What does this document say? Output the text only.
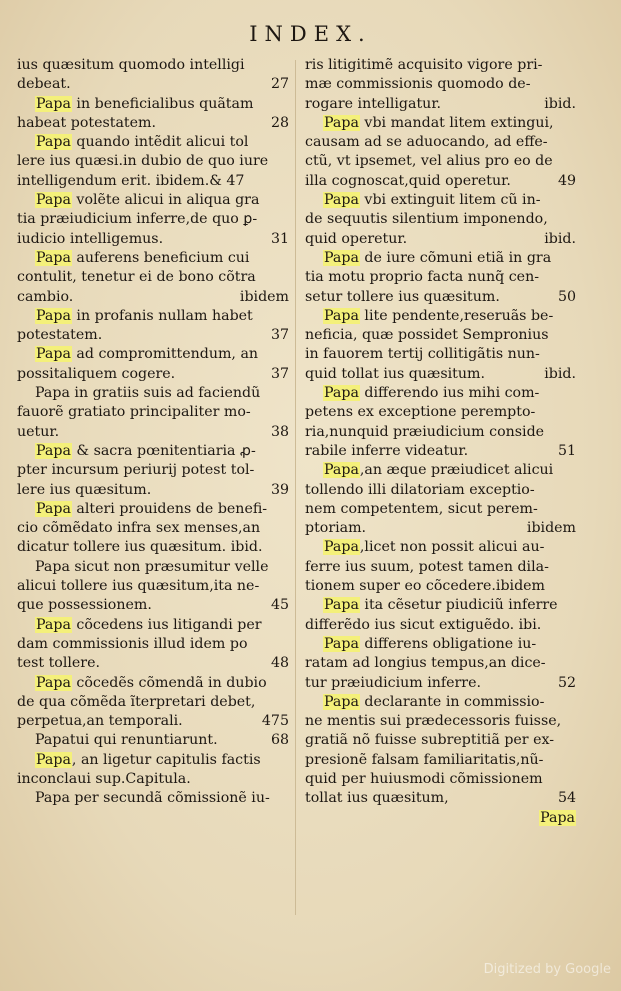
INDEX.
ius quæsitum quomodo intelligi
27
debeat.
Papa in beneficialibus quãtam
28
habeat potestatem.
Papa quando intẽdit alicui tol
lere ius quæsi.in dubio de quo iure
intelligendum erit. ibidem.& 47
Papa volẽte alicui in aliqua gra
tia præiudicium inferre,de quo ꝑ-
31
iudicio intelligemus.
Papa auferens beneficium cui
contulit, tenetur ei de bono cõtra
ibidem
cambio.
Papa in profanis nullam habet
37
potestatem.
Papa ad compromittendum, an
37
possitaliquem cogere.
Papa in gratiis suis ad faciendũ
fauorẽ gratiato principaliter mo-
38
uetur.
Papa & sacra pœnitentiaria ꝓ-
pter incursum periurij potest tol-
39
lere ius quæsitum.
Papa alteri prouidens de benefi-
cio cõmẽdato infra sex menses,an
dicatur tollere ius quæsitum. ibid.
Papa sicut non præsumitur velle
alicui tollere ius quæsitum,ita ne-
45
que possessionem.
Papa cõcedens ius litigandi per
dam commissionis illud idem po
48
test tollere.
Papa cõcedẽs cõmendã in dubio
de qua cõmẽda ĩterpretari debet,
475
perpetua,an temporali.
68
Papatui qui renuntiarunt.
Papa, an ligetur capitulis factis
inconclaui sup.Capitula.
Papa per secundã cõmissionẽ iu-
ris litigitimẽ acquisito vigore pri-
mæ commissionis quomodo de-
ibid.
rogare intelligatur.
Papa vbi mandat litem extingui,
causam ad se aduocando, ad effe-
ctũ, vt ipsemet, vel alius pro eo de
49
illa cognoscat,quid operetur.
Papa vbi extinguit litem cũ in-
de sequutis silentium imponendo,
ibid.
quid operetur.
Papa de iure cõmuni etiã in gra
tia motu proprio facta nunq̃ cen-
50
setur tollere ius quæsitum.
Papa lite pendente,reseruãs be-
neficia, quæ possidet Sempronius
in fauorem tertij collitigãtis nun-
ibid.
quid tollat ius quæsitum.
Papa differendo ius mihi com-
petens ex exceptione perempto-
ria,nunquid præiudicium conside
51
rabile inferre videatur.
Papa,an æque præiudicet alicui
tollendo illi dilatoriam exceptio-
nem competentem, sicut perem-
ibidem
ptoriam.
Papa,licet non possit alicui au-
ferre ius suum, potest tamen dila-
tionem super eo cõcedere.ibidem
Papa ita cẽsetur piudiciũ inferre
differẽdo ius sicut extiguẽdo. ibi.
Papa differens obligatione iu-
ratam ad longius tempus,an dice-
52
tur præiudicium inferre.
Papa declarante in commissio-
ne mentis sui prædecessoris fuisse,
gratiã nõ fuisse subreptitiã per ex-
presionẽ falsam familiaritatis,nũ-
quid per huiusmodi cõmissionem
54
tollat ius quæsitum,
Papa
Digitized by Google
